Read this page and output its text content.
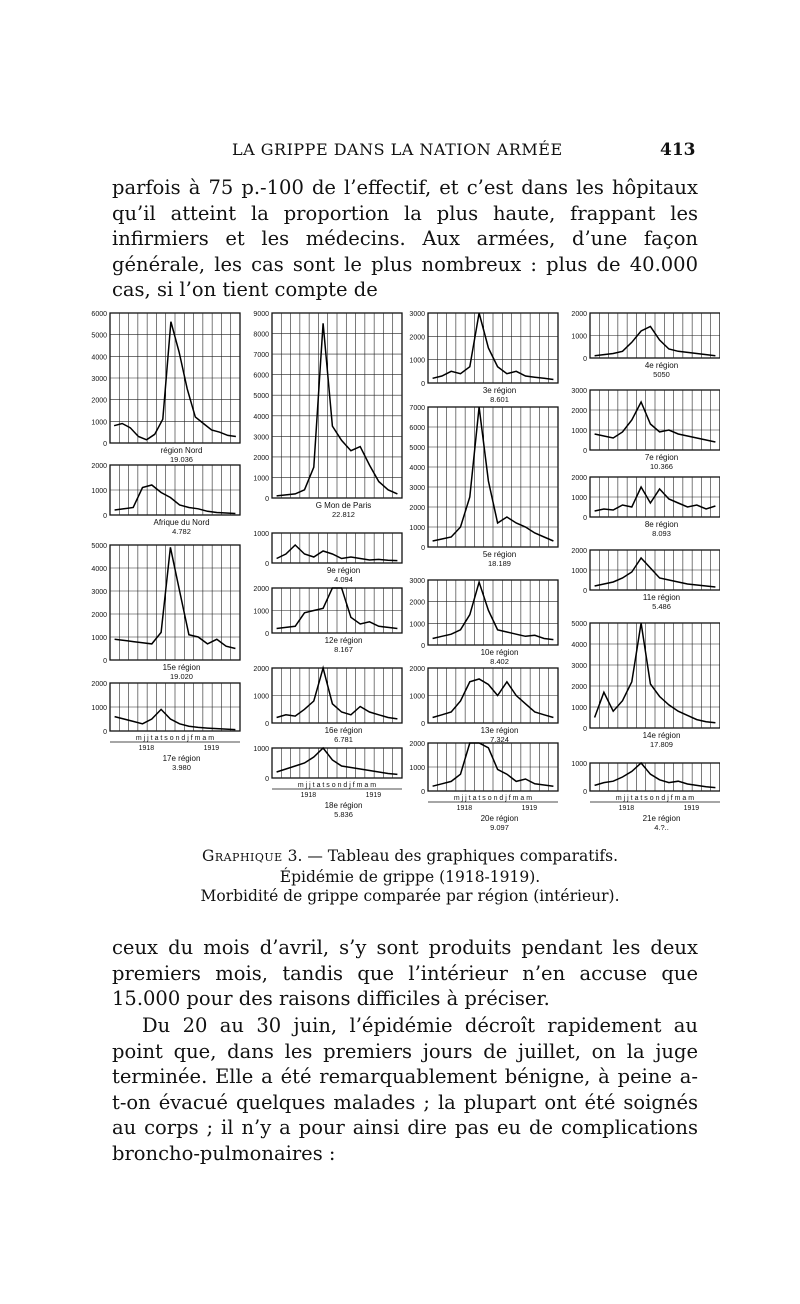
LA GRIPPE DANS LA NATION ARMÉE	413

parfois à 75 p.-100 de l’effectif, et c’est dans les hôpitaux qu’il atteint la proportion la plus haute, frappant les infirmiers et les médecins. Aux armées, d’une façon générale, les cas sont le plus nombreux : plus de 40.000 cas, si l’on tient compte de

0
1000
2000
3000
4000
5000
6000
région Nord
19.036
0
1000
2000
Afrique du Nord
4.782
0
1000
2000
3000
4000
5000
15e région
19.020
0
1000
2000
m j j t a t s o n d j f m a m
1918	1919
17e région
3.980
0
1000
2000
3000
4000
5000
6000
7000
8000
9000
G Mon de Paris
22.812
0
1000
9e région
4.094
0
1000
2000
12e région
8.167
0
1000
2000
16e région
6.781
0
1000
m j j t a t s o n d j f m a m
1918	1919
18e région
5.836
0
1000
2000
3000
3e région
8.601
0
1000
2000
3000
4000
5000
6000
7000
5e région
18.189
0
1000
2000
3000
10e région
8.402
0
1000
2000
13e région
7.324
0
1000
2000
m j j t a t s o n d j f m a m
1918	1919
20e région
9.097
0
1000
2000
4e région
5050
0
1000
2000
3000
7e région
10.366
0
1000
2000
8e région
8.093
0
1000
2000
11e région
5.486
0
1000
2000
3000
4000
5000
14e région
17.809
0
1000
m j j t a t s o n d j f m a m
1918	1919
21e région
4.?..
Graphique 3. — Tableau des graphiques comparatifs.
Épidémie de grippe (1918-1919).
Morbidité de grippe comparée par région (intérieur).

ceux du mois d’avril, s’y sont produits pendant les deux premiers mois, tandis que l’intérieur n’en accuse que 15.000 pour des raisons difficiles à préciser.

Du 20 au 30 juin, l’épidémie décroît rapidement au point que, dans les premiers jours de juillet, on la juge terminée. Elle a été remarquablement bénigne, à peine a-t-on évacué quelques malades ; la plupart ont été soignés au corps ; il n’y a pour ainsi dire pas eu de complications broncho-pulmonaires :
